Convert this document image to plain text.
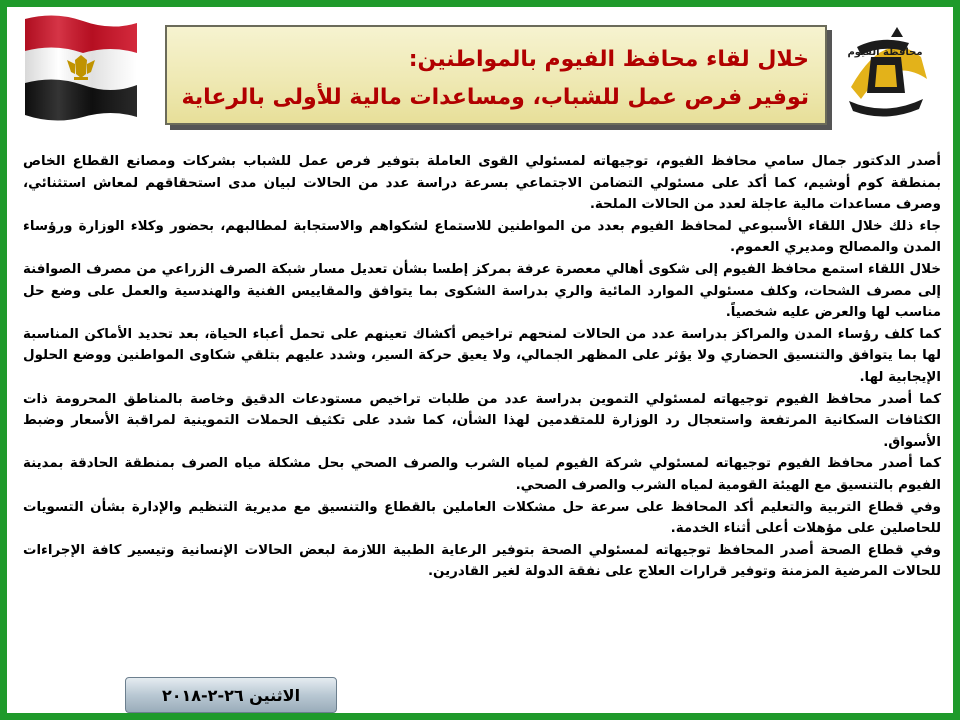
خلال لقاء محافظ الفيوم بالمواطنين:
توفير فرص عمل للشباب، ومساعدات مالية للأولى بالرعاية
محافظة الفيوم

أصدر الدكتور جمال سامي محافظ الفيوم، توجيهاته لمسئولي القوى العاملة بتوفير فرص عمل للشباب بشركات ومصانع القطاع الخاص بمنطقة كوم أوشيم، كما أكد على مسئولي التضامن الاجتماعي بسرعة دراسة عدد من الحالات لبيان مدى استحقاقهم لمعاش استثنائي، وصرف مساعدات مالية عاجلة لعدد من الحالات الملحة.

جاء ذلك خلال اللقاء الأسبوعي لمحافظ الفيوم بعدد من المواطنين للاستماع لشكواهم والاستجابة لمطالبهم، بحضور وكلاء الوزارة ورؤساء المدن والمصالح ومديري العموم.

خلال اللقاء استمع محافظ الفيوم إلى شكوى أهالي معصرة عرفة بمركز إطسا بشأن تعديل مسار شبكة الصرف الزراعي من مصرف الصوافنة إلى مصرف الشحات، وكلف مسئولي الموارد المائية والري بدراسة الشكوى بما يتوافق والمقاييس الفنية والهندسية والعمل على وضع حل مناسب لها والعرض عليه شخصياً.

كما كلف رؤساء المدن والمراكز بدراسة عدد من الحالات لمنحهم تراخيص أكشاك تعينهم على تحمل أعباء الحياة، بعد تحديد الأماكن المناسبة لها بما يتوافق والتنسيق الحضاري ولا يؤثر على المظهر الجمالي، ولا يعيق حركة السير، وشدد عليهم بتلقي شكاوى المواطنين ووضع الحلول الإيجابية لها.

كما أصدر محافظ الفيوم توجيهاته لمسئولي التموين بدراسة عدد من طلبات تراخيص مستودعات الدقيق وخاصة بالمناطق المحرومة ذات الكثافات السكانية المرتفعة واستعجال رد الوزارة للمتقدمين لهذا الشأن، كما شدد على تكثيف الحملات التموينية لمراقبة الأسعار وضبط الأسواق.

كما أصدر محافظ الفيوم توجيهاته لمسئولي شركة الفيوم لمياه الشرب والصرف الصحي بحل مشكلة مياه الصرف بمنطقة الحادقة بمدينة الفيوم بالتنسيق مع الهيئة القومية لمياه الشرب والصرف الصحي.

وفي قطاع التربية والتعليم أكد المحافظ على سرعة حل مشكلات العاملين بالقطاع والتنسيق مع مديرية التنظيم والإدارة بشأن التسويات للحاصلين على مؤهلات أعلى أثناء الخدمة.

وفي قطاع الصحة أصدر المحافظ توجيهاته لمسئولي الصحة بتوفير الرعاية الطبية اللازمة لبعض الحالات الإنسانية وتيسير كافة الإجراءات للحالات المرضية المزمنة وتوفير قرارات العلاج على نفقة الدولة لغير القادرين.

الاثنين ٢٦-٢-٢٠١٨
